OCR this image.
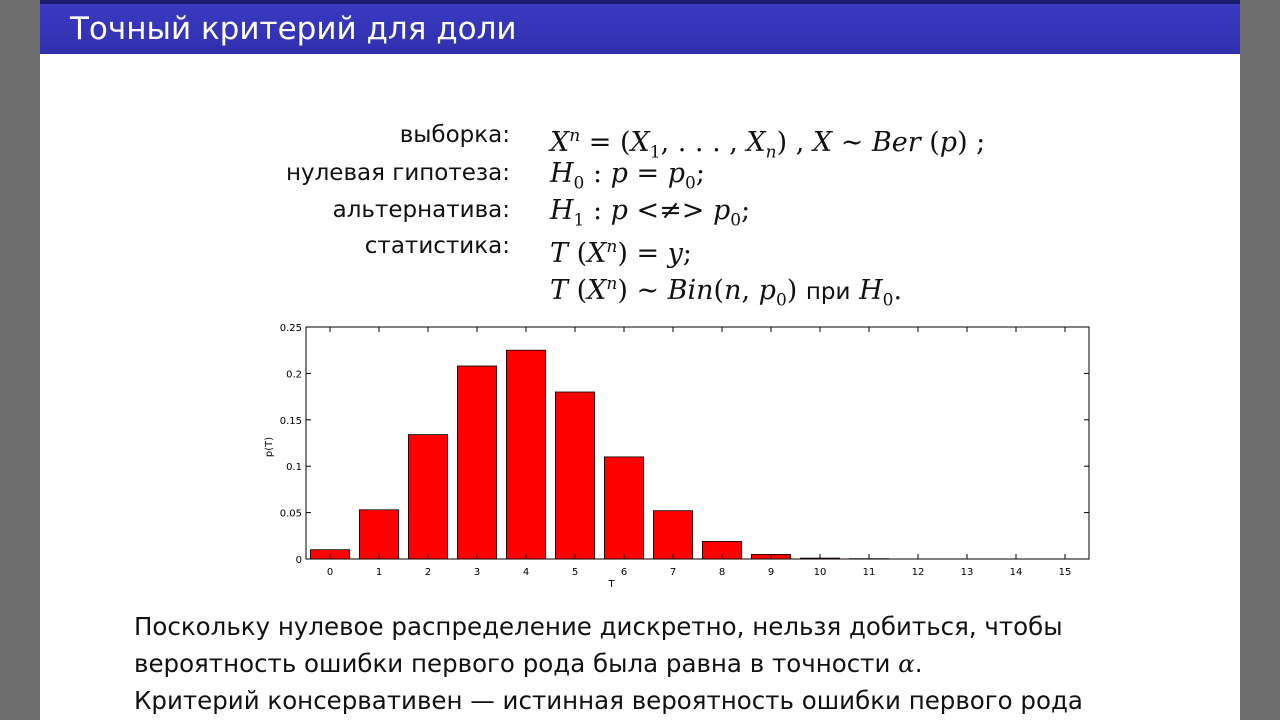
Точный критерий для доли
выборка: $X^n = (X_1$, . . . , $X_n$) , X ∼ Ber (p) ;
нулевая гипотеза: $H_0$ : $p = p_0$;
альтернатива: $H_1$ : p <≠> $p_0$;
статистика: T $(X^n) = y$;
T $(X^n)$ ∼ Bin(n, $p_0$) при $H_0$.
0	1	2	3	4	5	6	7	8	9	10	11	12	13	14	15
0
0.05
0.1
0.15
0.2
0.25
T
p(T)
Поскольку нулевое распределение дискретно, нельзя добиться, чтобы
вероятность ошибки первого рода была равна в точности α.
Критерий консервативен — истинная вероятность ошибки первого рода
